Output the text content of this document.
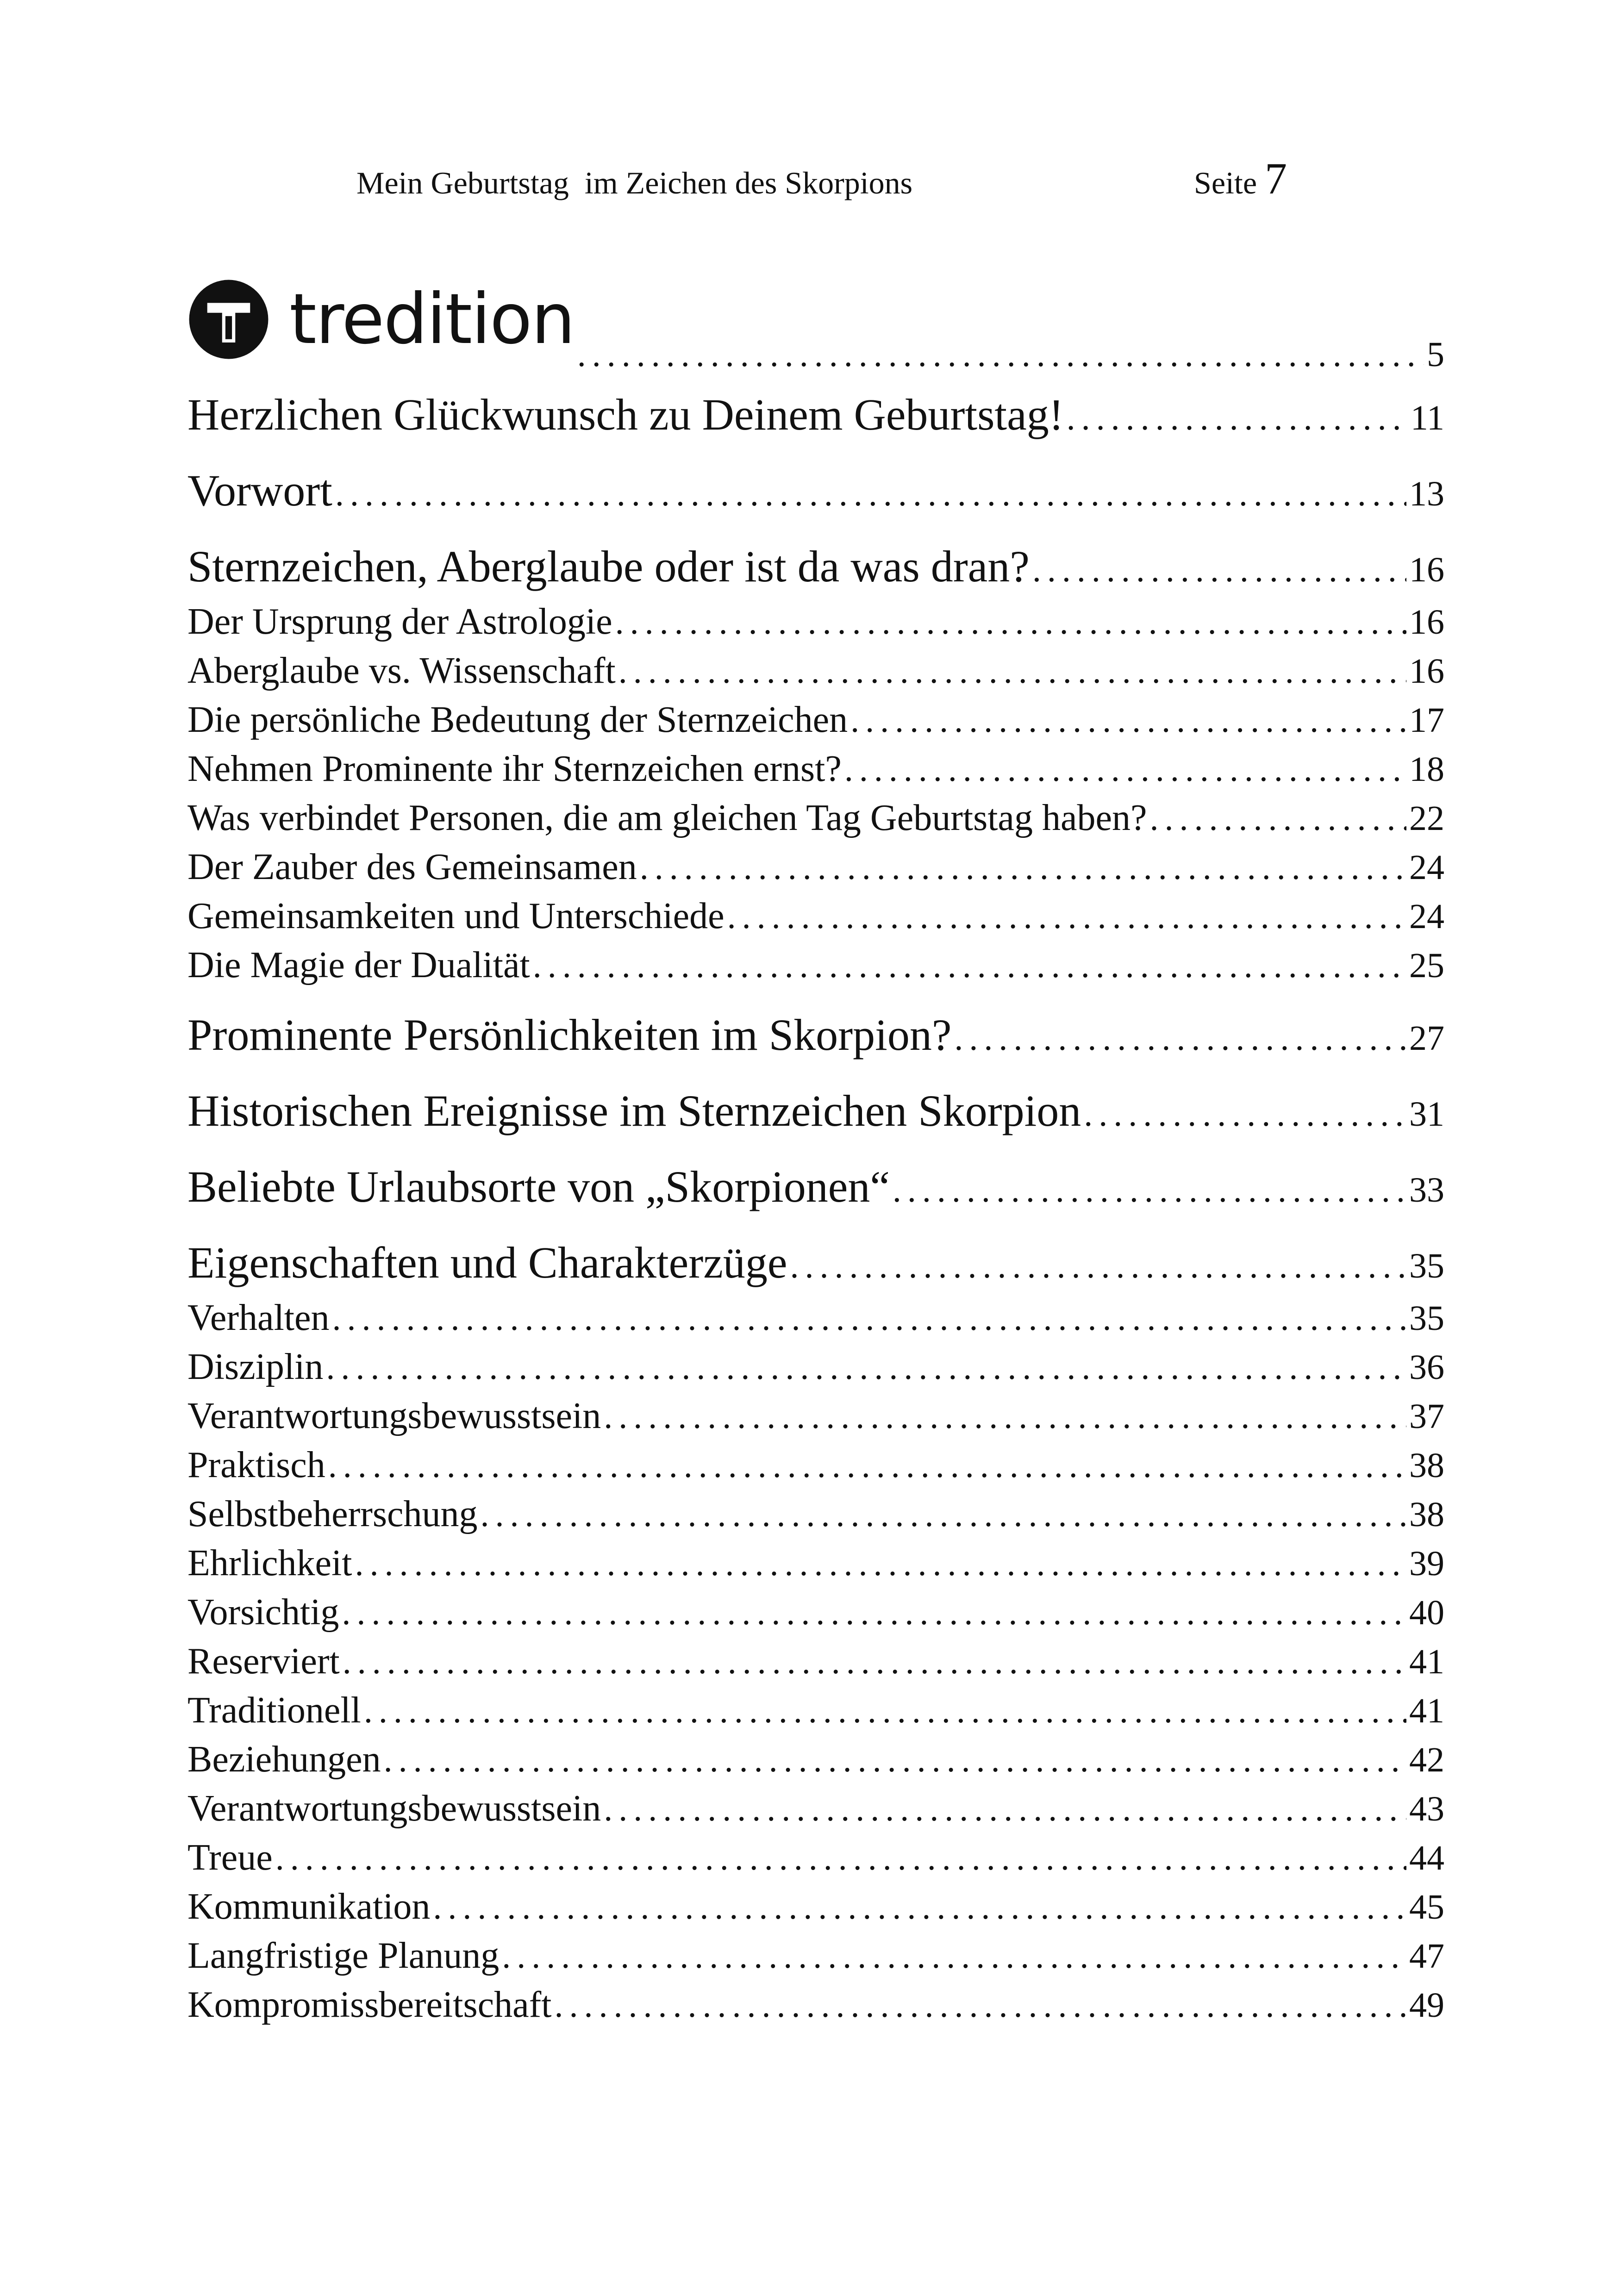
Mein Geburtstag  im Zeichen des Skorpions	Seite 7
tredition . . .	5
Herzlichen Glückwunsch zu Deinem Geburtstag! . . .	11
Vorwort . . .	13
Sternzeichen, Aberglaube oder ist da was dran? . . .	16
Der Ursprung der Astrologie . . .	16
Aberglaube vs. Wissenschaft . . .	16
Die persönliche Bedeutung der Sternzeichen . . .	17
Nehmen Prominente ihr Sternzeichen ernst? . . .	18
Was verbindet Personen, die am gleichen Tag Geburtstag haben? . . .	22
Der Zauber des Gemeinsamen . . .	24
Gemeinsamkeiten und Unterschiede . . .	24
Die Magie der Dualität . . .	25
Prominente Persönlichkeiten im Skorpion? . . .	27
Historischen Ereignisse im Sternzeichen Skorpion . . .	31
Beliebte Urlaubsorte von „Skorpionen“ . . .	33
Eigenschaften und Charakterzüge . . .	35
Verhalten . . .	35
Disziplin . . .	36
Verantwortungsbewusstsein . . .	37
Praktisch . . .	38
Selbstbeherrschung . . .	38
Ehrlichkeit . . .	39
Vorsichtig . . .	40
Reserviert . . .	41
Traditionell . . .	41
Beziehungen . . .	42
Verantwortungsbewusstsein . . .	43
Treue . . .	44
Kommunikation . . .	45
Langfristige Planung . . .	47
Kompromissbereitschaft . . .	49
